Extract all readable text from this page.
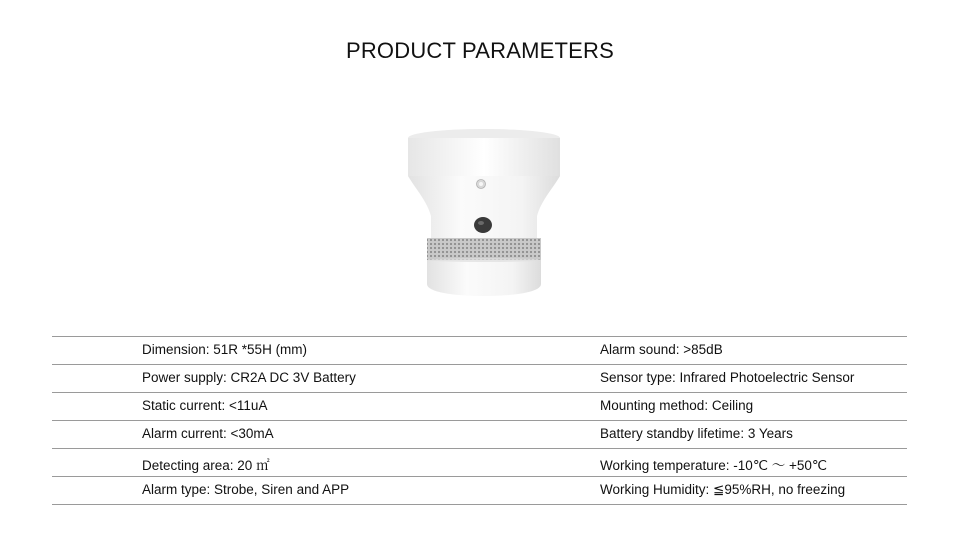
PRODUCT PARAMETERS
Dimension: 51R *55H (mm)	Alarm sound: >85dB
Power supply: CR2A DC 3V Battery	Sensor type: Infrared Photoelectric Sensor
Static current: <11uA	Mounting method: Ceiling
Alarm current: <30mA	Battery standby lifetime: 3 Years
Detecting area: 20 ㎡	Working temperature: -10℃ ～ +50℃
Alarm type: Strobe, Siren and APP	Working Humidity: ≦95%RH, no freezing
